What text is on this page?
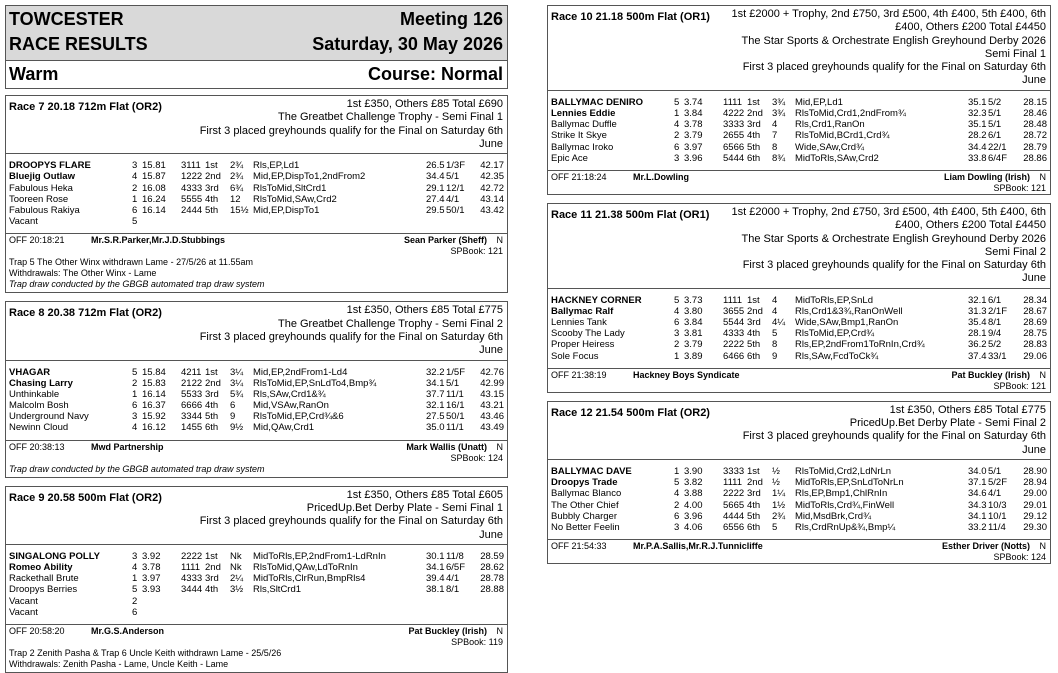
TOWCESTER
RACE RESULTS
Meeting 126
Saturday, 30 May 2026
Warm	Course: Normal
Race 7 20.18 712m Flat (OR2)	1st £350, Others £85 Total £690
The Greatbet Challenge Trophy - Semi Final 1
First 3 placed greyhounds qualify for the Final on Saturday 6th June
DROOPYS FLARE	3 15.81 3111 1st 2¾ Rls,EP,Ld1	26.5 1/3F 42.17
Bluejig Outlaw	4 15.87 1222 2nd 2¾ Mid,EP,DispTo1,2ndFrom2	34.4 5/1 42.35
Fabulous Heka	2 16.08 4333 3rd 6¾ RlsToMid,SltCrd1	29.1 12/1 42.72
Tooreen Rose	1 16.24 5555 4th 12 RlsToMid,SAw,Crd2	27.4 4/1 43.14
Fabulous Rakiya	6 16.14 2444 5th 15½ Mid,EP,DispTo1	29.5 50/1 43.42
Vacant	5
OFF 20:18:21	Mr.S.R.Parker,Mr.J.D.Stubbings	Sean Parker (Sheff) N
SPBook: 121
Trap 5 The Other Winx withdrawn Lame - 27/5/26 at 11.55am
Withdrawals: The Other Winx - Lame
Trap draw conducted by the GBGB automated trap draw system
Race 8 20.38 712m Flat (OR2)	1st £350, Others £85 Total £775
The Greatbet Challenge Trophy - Semi Final 2
First 3 placed greyhounds qualify for the Final on Saturday 6th June
VHAGAR	5 15.84 4211 1st 3¼ Mid,EP,2ndFrom1-Ld4	32.2 1/5F 42.76
Chasing Larry	2 15.83 2122 2nd 3¼ RlsToMid,EP,SnLdTo4,Bmp¾	34.1 5/1 42.99
Unthinkable	1 16.14 5533 3rd 5¾ Rls,SAw,Crd1&¾	37.7 11/1 43.15
Malcolm Bosh	6 16.37 6666 4th 6 Mid,VSAw,RanOn	32.1 16/1 43.21
Underground Navy	3 15.92 3344 5th 9 RlsToMid,EP,Crd¾&6	27.5 50/1 43.46
Newinn Cloud	4 16.12 1455 6th 9½ Mid,QAw,Crd1	35.0 11/1 43.49
OFF 20:38:13	Mwd Partnership	Mark Wallis (Unatt) N
SPBook: 124
Trap draw conducted by the GBGB automated trap draw system
Race 9 20.58 500m Flat (OR2)	1st £350, Others £85 Total £605
PricedUp.Bet Derby Plate - Semi Final 1
First 3 placed greyhounds qualify for the Final on Saturday 6th June
SINGALONG POLLY	3 3.92 2222 1st Nk MidToRls,EP,2ndFrom1-LdRnIn	30.1 11/8 28.59
Romeo Ability	4 3.78 1111 2nd Nk RlsToMid,QAw,LdToRnIn	34.1 6/5F 28.62
Rackethall Brute	1 3.97 4333 3rd 2¼ MidToRls,ClrRun,BmpRls4	39.4 4/1 28.78
Droopys Berries	5 3.93 3444 4th 3½ Rls,SltCrd1	38.1 8/1 28.88
Vacant	2
Vacant	6
OFF 20:58:20	Mr.G.S.Anderson	Pat Buckley (Irish) N
SPBook: 119
Trap 2 Zenith Pasha & Trap 6 Uncle Keith withdrawn Lame - 25/5/26
Withdrawals: Zenith Pasha - Lame, Uncle Keith - Lame
Race 10 21.18 500m Flat (OR1)	1st £2000 + Trophy, 2nd £750, 3rd £500, 4th £400, 5th £400, 6th £400, Others £200 Total £4450
The Star Sports & Orchestrate English Greyhound Derby 2026 Semi Final 1
First 3 placed greyhounds qualify for the Final on Saturday 6th June
BALLYMAC DENIRO	5 3.74 1111 1st 3¾ Mid,EP,Ld1	35.1 5/2 28.15
Lennies Eddie	1 3.84 4222 2nd 3¾ RlsToMid,Crd1,2ndFrom¾	32.3 5/1 28.46
Ballymac Duffle	4 3.78 3333 3rd 4 Rls,Crd1,RanOn	35.1 5/1 28.48
Strike It Skye	2 3.79 2655 4th 7 RlsToMid,BCrd1,Crd¾	28.2 6/1 28.72
Ballymac Iroko	6 3.97 6566 5th 8 Wide,SAw,Crd¾	34.4 22/1 28.79
Epic Ace	3 3.96 5444 6th 8¾ MidToRls,SAw,Crd2	33.8 6/4F 28.86
OFF 21:18:24	Mr.L.Dowling	Liam Dowling (Irish) N
SPBook: 121
Race 11 21.38 500m Flat (OR1)	1st £2000 + Trophy, 2nd £750, 3rd £500, 4th £400, 5th £400, 6th £400, Others £200 Total £4450
The Star Sports & Orchestrate English Greyhound Derby 2026 Semi Final 2
First 3 placed greyhounds qualify for the Final on Saturday 6th June
HACKNEY CORNER	5 3.73 1111 1st 4 MidToRls,EP,SnLd	32.1 6/1 28.34
Ballymac Ralf	4 3.80 3655 2nd 4 Rls,Crd1&3¾,RanOnWell	31.3 2/1F 28.67
Lennies Tank	6 3.84 5544 3rd 4¼ Wide,SAw,Bmp1,RanOn	35.4 8/1 28.69
Scooby The Lady	3 3.81 4333 4th 5 RlsToMid,EP,Crd¾	28.1 9/4 28.75
Proper Heiress	2 3.79 2222 5th 8 Rls,EP,2ndFrom1ToRnIn,Crd¾	36.2 5/2 28.83
Sole Focus	1 3.89 6466 6th 9 Rls,SAw,FcdToCk¾	37.4 33/1 29.06
OFF 21:38:19	Hackney Boys Syndicate	Pat Buckley (Irish) N
SPBook: 121
Race 12 21.54 500m Flat (OR2)	1st £350, Others £85 Total £775
PricedUp.Bet Derby Plate - Semi Final 2
First 3 placed greyhounds qualify for the Final on Saturday 6th June
BALLYMAC DAVE	1 3.90 3333 1st ½ RlsToMid,Crd2,LdNrLn	34.0 5/1 28.90
Droopys Trade	5 3.82 1111 2nd ½ MidToRls,EP,SnLdToNrLn	37.1 5/2F 28.94
Ballymac Blanco	4 3.88 2222 3rd 1¼ Rls,EP,Bmp1,ChlRnIn	34.6 4/1 29.00
The Other Chief	2 4.00 5665 4th 1½ MidToRls,Crd¾,FinWell	34.3 10/3 29.01
Bubbly Charger	6 3.96 4444 5th 2¾ Mid,MsdBrk,Crd¾	34.1 10/1 29.12
No Better Feelin	3 4.06 6556 6th 5 Rls,CrdRnUp&¾,Bmp¼	33.2 11/4 29.30
OFF 21:54:33	Mr.P.A.Sallis,Mr.R.J.Tunnicliffe	Esther Driver (Notts) N
SPBook: 124
